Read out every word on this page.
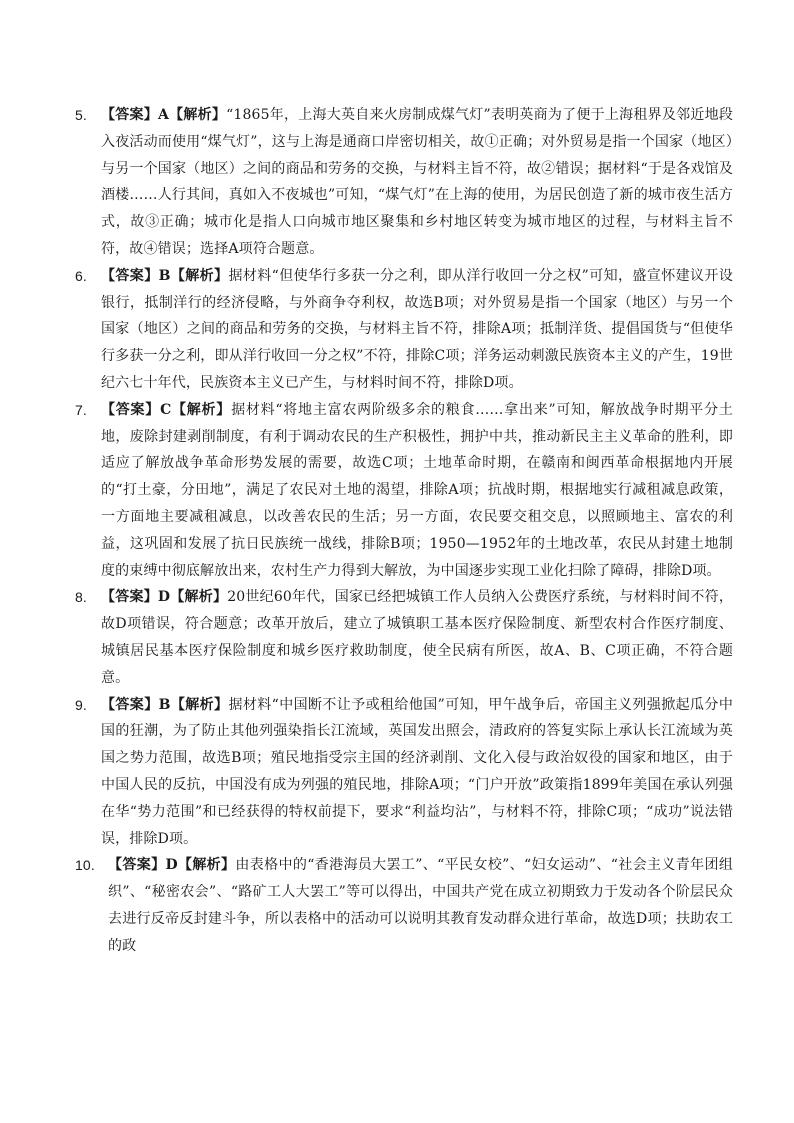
5. 【答案】A【解析】“1865年，上海大英自来火房制成煤气灯”表明英商为了便于上海租界及邻近地段入夜活动而使用“煤气灯”，这与上海是通商口岸密切相关，故①正确；对外贸易是指一个国家（地区）与另一个国家（地区）之间的商品和劳务的交换，与材料主旨不符，故②错误；据材料“于是各戏馆及酒楼……人行其间，真如入不夜城也”可知，“煤气灯”在上海的使用，为居民创造了新的城市夜生活方式，故③正确；城市化是指人口向城市地区聚集和乡村地区转变为城市地区的过程，与材料主旨不符，故④错误；选择A项符合题意。
6. 【答案】B【解析】据材料“但使华行多获一分之利，即从洋行收回一分之权”可知，盛宣怀建议开设银行，抵制洋行的经济侵略，与外商争夺利权，故选B项；对外贸易是指一个国家（地区）与另一个国家（地区）之间的商品和劳务的交换，与材料主旨不符，排除A项；抵制洋货、提倡国货与“但使华行多获一分之利，即从洋行收回一分之权”不符，排除C项；洋务运动刺激民族资本主义的产生，19世纪六七十年代，民族资本主义已产生，与材料时间不符，排除D项。
7. 【答案】C【解析】据材料“将地主富农两阶级多余的粮食……拿出来”可知，解放战争时期平分土地，废除封建剥削制度，有利于调动农民的生产积极性，拥护中共，推动新民主主义革命的胜利，即适应了解放战争革命形势发展的需要，故选C项；土地革命时期，在赣南和闽西革命根据地内开展的“打土豪，分田地”，满足了农民对土地的渴望，排除A项；抗战时期，根据地实行减租减息政策，一方面地主要减租减息，以改善农民的生活；另一方面，农民要交租交息，以照顾地主、富农的利益，这巩固和发展了抗日民族统一战线，排除B项；1950—1952年的土地改革，农民从封建土地制度的束缚中彻底解放出来，农村生产力得到大解放，为中国逐步实现工业化扫除了障碍，排除D项。
8. 【答案】D【解析】20世纪60年代，国家已经把城镇工作人员纳入公费医疗系统，与材料时间不符，故D项错误，符合题意；改革开放后，建立了城镇职工基本医疗保险制度、新型农村合作医疗制度、城镇居民基本医疗保险制度和城乡医疗救助制度，使全民病有所医，故A、B、C项正确，不符合题意。
9. 【答案】B【解析】据材料“中国断不让予或租给他国”可知，甲午战争后，帝国主义列强掀起瓜分中国的狂潮，为了防止其他列强染指长江流域，英国发出照会，清政府的答复实际上承认长江流域为英国之势力范围，故选B项；殖民地指受宗主国的经济剥削、文化入侵与政治奴役的国家和地区，由于中国人民的反抗，中国没有成为列强的殖民地，排除A项；“门户开放”政策指1899年美国在承认列强在华“势力范围”和已经获得的特权前提下，要求“利益均沾”，与材料不符，排除C项；“成功”说法错误，排除D项。
10. 【答案】D【解析】由表格中的“香港海员大罢工”、“平民女校”、“妇女运动”、“社会主义青年团组织”、“秘密农会”、“路矿工人大罢工”等可以得出，中国共产党在成立初期致力于发动各个阶层民众去进行反帝反封建斗争，所以表格中的活动可以说明其教育发动群众进行革命，故选D项；扶助农工的政
